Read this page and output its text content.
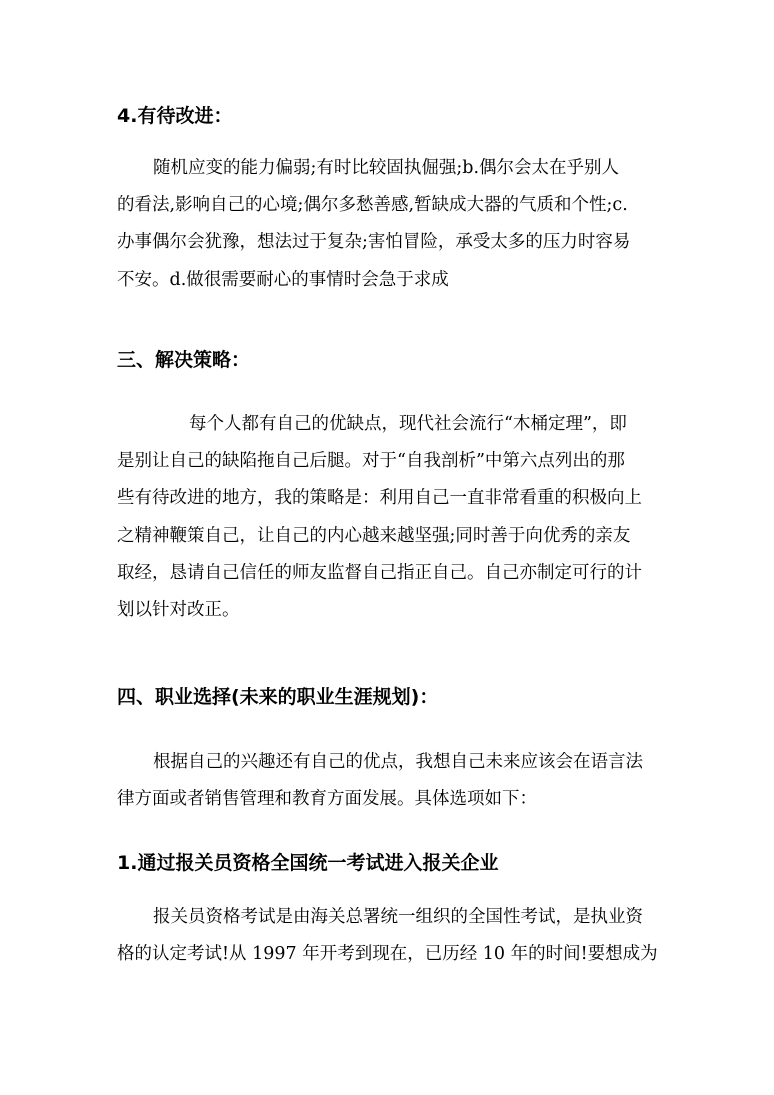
4.有待改进：
随机应变的能力偏弱;有时比较固执倔强;b.偶尔会太在乎别人
的看法,影响自己的心境;偶尔多愁善感,暂缺成大器的气质和个性;c.
办事偶尔会犹豫，想法过于复杂;害怕冒险，承受太多的压力时容易
不安。d.做很需要耐心的事情时会急于求成
三、解决策略：
每个人都有自己的优缺点，现代社会流行“木桶定理”，即
是别让自己的缺陷拖自己后腿。对于“自我剖析”中第六点列出的那
些有待改进的地方，我的策略是：利用自己一直非常看重的积极向上
之精神鞭策自己，让自己的内心越来越坚强;同时善于向优秀的亲友
取经，恳请自己信任的师友监督自己指正自己。自己亦制定可行的计
划以针对改正。
四、职业选择(未来的职业生涯规划)：
根据自己的兴趣还有自己的优点，我想自己未来应该会在语言法
律方面或者销售管理和教育方面发展。具体选项如下：
1.通过报关员资格全国统一考试进入报关企业
报关员资格考试是由海关总署统一组织的全国性考试，是执业资
格的认定考试!从 1997 年开考到现在，已历经 10 年的时间!要想成为
